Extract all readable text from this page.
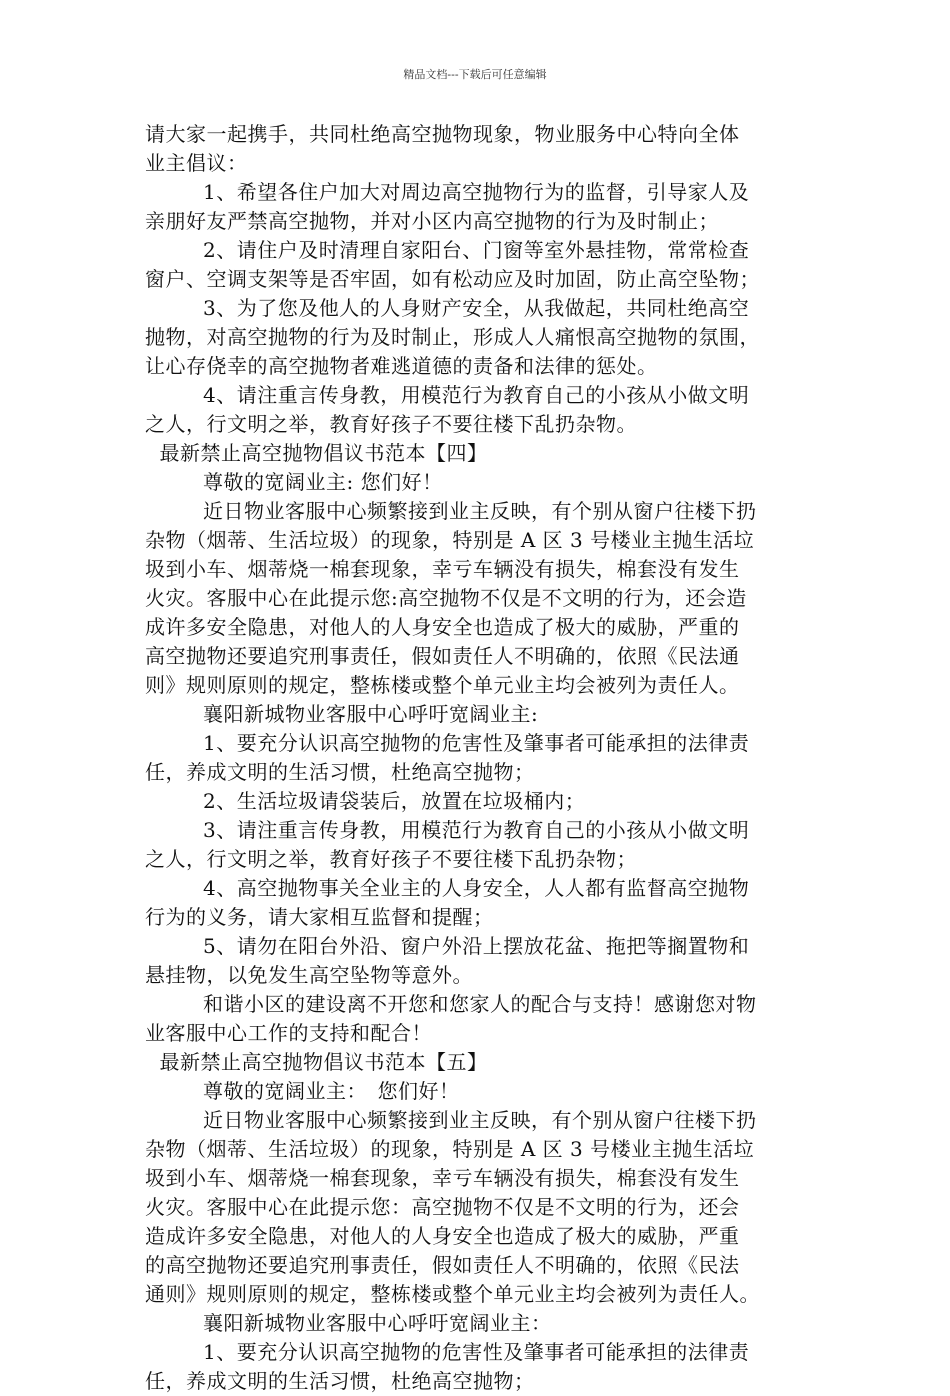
精品文档---下载后可任意编辑
请大家一起携手，共同杜绝高空抛物现象，物业服务中心特向全体
业主倡议：
1、希望各住户加大对周边高空抛物行为的监督，引导家人及
亲朋好友严禁高空抛物，并对小区内高空抛物的行为及时制止；
2、请住户及时清理自家阳台、门窗等室外悬挂物，常常检查
窗户、空调支架等是否牢固，如有松动应及时加固，防止高空坠物；
3、为了您及他人的人身财产安全，从我做起，共同杜绝高空
抛物，对高空抛物的行为及时制止，形成人人痛恨高空抛物的氛围，
让心存侥幸的高空抛物者难逃道德的责备和法律的惩处。
4、请注重言传身教，用模范行为教育自己的小孩从小做文明
之人，行文明之举，教育好孩子不要往楼下乱扔杂物。
最新禁止高空抛物倡议书范本【四】
尊敬的宽阔业主: 您们好！
近日物业客服中心频繁接到业主反映，有个别从窗户往楼下扔
杂物（烟蒂、生活垃圾）的现象，特别是 A 区 3 号楼业主抛生活垃
圾到小车、烟蒂烧一棉套现象，幸亏车辆没有损失，棉套没有发生
火灾。客服中心在此提示您:高空抛物不仅是不文明的行为，还会造
成许多安全隐患，对他人的人身安全也造成了极大的威胁，严重的
高空抛物还要追究刑事责任，假如责任人不明确的，依照《民法通
则》规则原则的规定，整栋楼或整个单元业主均会被列为责任人。
襄阳新城物业客服中心呼吁宽阔业主:
1、要充分认识高空抛物的危害性及肇事者可能承担的法律责
任，养成文明的生活习惯，杜绝高空抛物；
2、生活垃圾请袋装后，放置在垃圾桶内；
3、请注重言传身教，用模范行为教育自己的小孩从小做文明
之人，行文明之举，教育好孩子不要往楼下乱扔杂物；
4、高空抛物事关全业主的人身安全，人人都有监督高空抛物
行为的义务，请大家相互监督和提醒；
5、请勿在阳台外沿、窗户外沿上摆放花盆、拖把等搁置物和
悬挂物，以免发生高空坠物等意外。
和谐小区的建设离不开您和您家人的配合与支持！感谢您对物
业客服中心工作的支持和配合！
最新禁止高空抛物倡议书范本【五】
尊敬的宽阔业主：　您们好！
近日物业客服中心频繁接到业主反映，有个别从窗户往楼下扔
杂物（烟蒂、生活垃圾）的现象，特别是 A 区 3 号楼业主抛生活垃
圾到小车、烟蒂烧一棉套现象，幸亏车辆没有损失，棉套没有发生
火灾。客服中心在此提示您：高空抛物不仅是不文明的行为，还会
造成许多安全隐患，对他人的人身安全也造成了极大的威胁，严重
的高空抛物还要追究刑事责任，假如责任人不明确的，依照《民法
通则》规则原则的规定，整栋楼或整个单元业主均会被列为责任人。
襄阳新城物业客服中心呼吁宽阔业主：
1、要充分认识高空抛物的危害性及肇事者可能承担的法律责
任，养成文明的生活习惯，杜绝高空抛物；
